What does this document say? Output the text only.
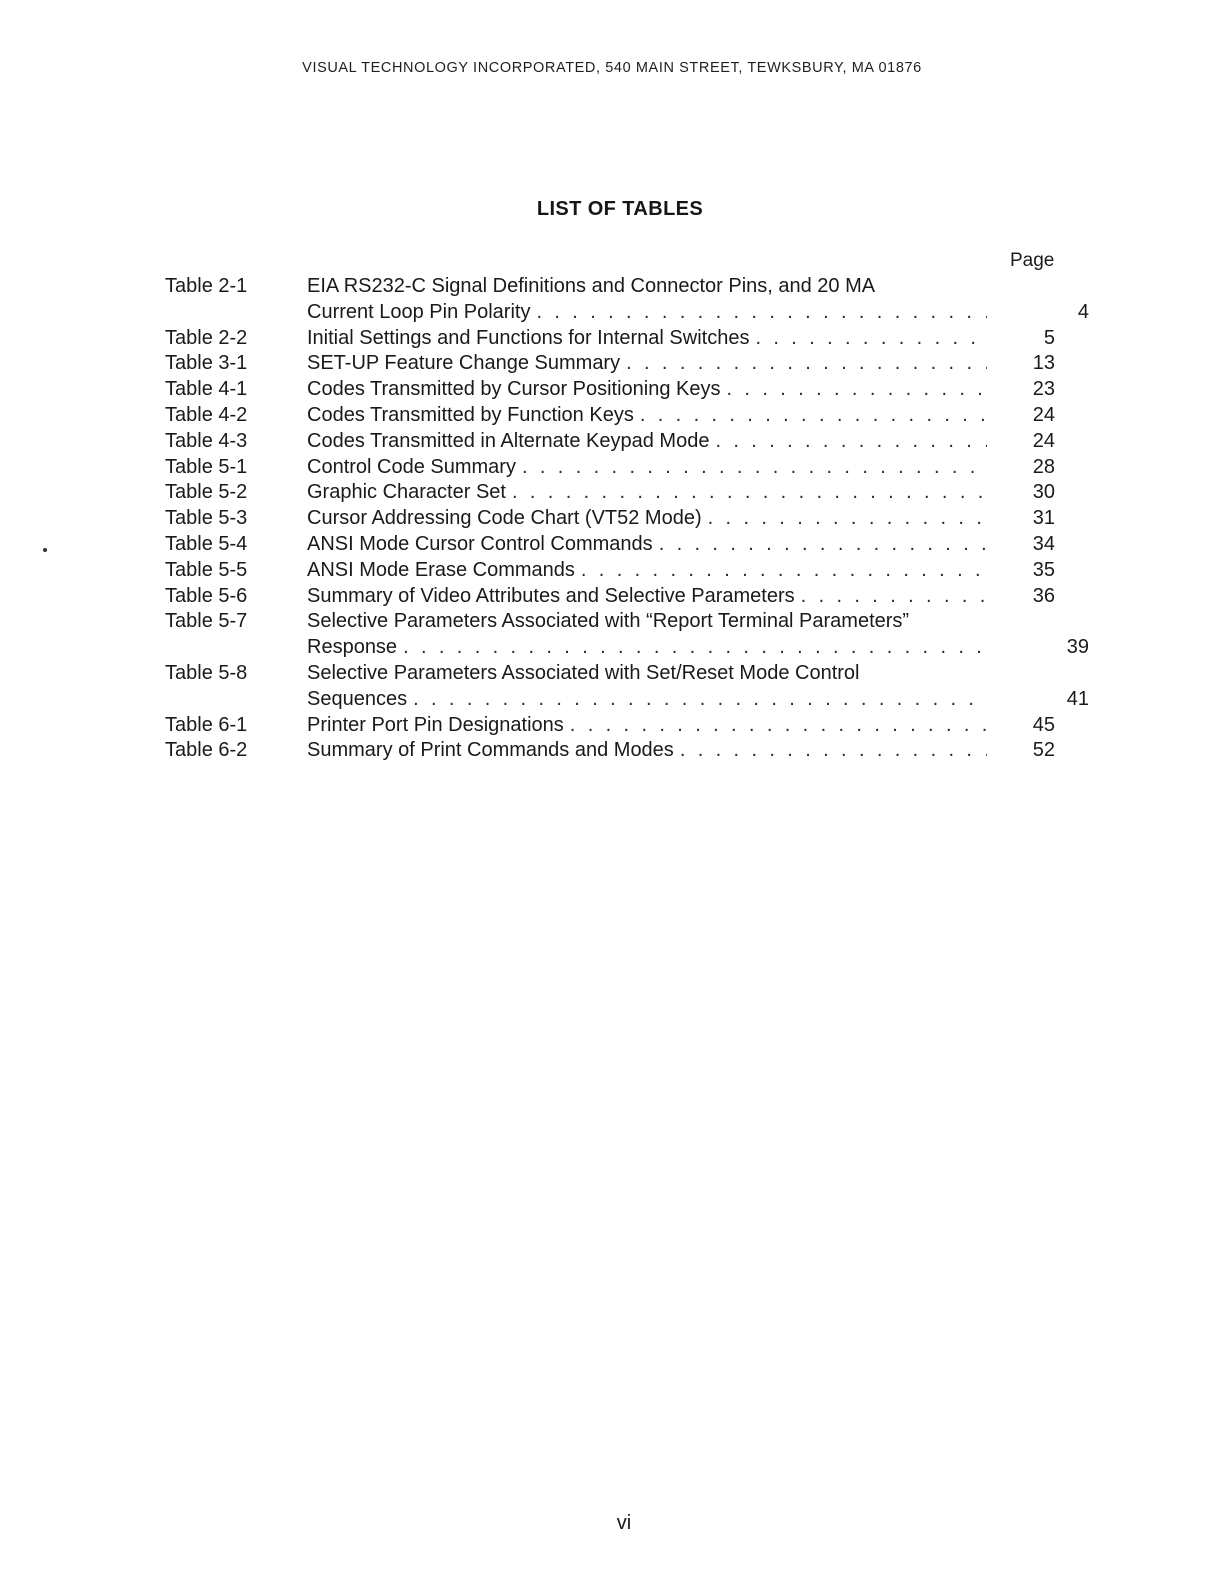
VISUAL TECHNOLOGY INCORPORATED, 540 MAIN STREET, TEWKSBURY, MA 01876
LIST OF TABLES
Page
Table 2-1	EIA RS232-C Signal Definitions and Connector Pins, and 20 MA
Current Loop Pin Polarity . . .	4
Table 2-2	Initial Settings and Functions for Internal Switches . . .	5
Table 3-1	SET-UP Feature Change Summary . . .	13
Table 4-1	Codes Transmitted by Cursor Positioning Keys . . .	23
Table 4-2	Codes Transmitted by Function Keys . . .	24
Table 4-3	Codes Transmitted in Alternate Keypad Mode . . .	24
Table 5-1	Control Code Summary . . .	28
Table 5-2	Graphic Character Set . . .	30
Table 5-3	Cursor Addressing Code Chart (VT52 Mode) . . .	31
Table 5-4	ANSI Mode Cursor Control Commands . . .	34
Table 5-5	ANSI Mode Erase Commands . . .	35
Table 5-6	Summary of Video Attributes and Selective Parameters . . .	36
Table 5-7	Selective Parameters Associated with “Report Terminal Parameters”
Response . . .	39
Table 5-8	Selective Parameters Associated with Set/Reset Mode Control
Sequences . . .	41
Table 6-1	Printer Port Pin Designations . . .	45
Table 6-2	Summary of Print Commands and Modes . . .	52
vi
